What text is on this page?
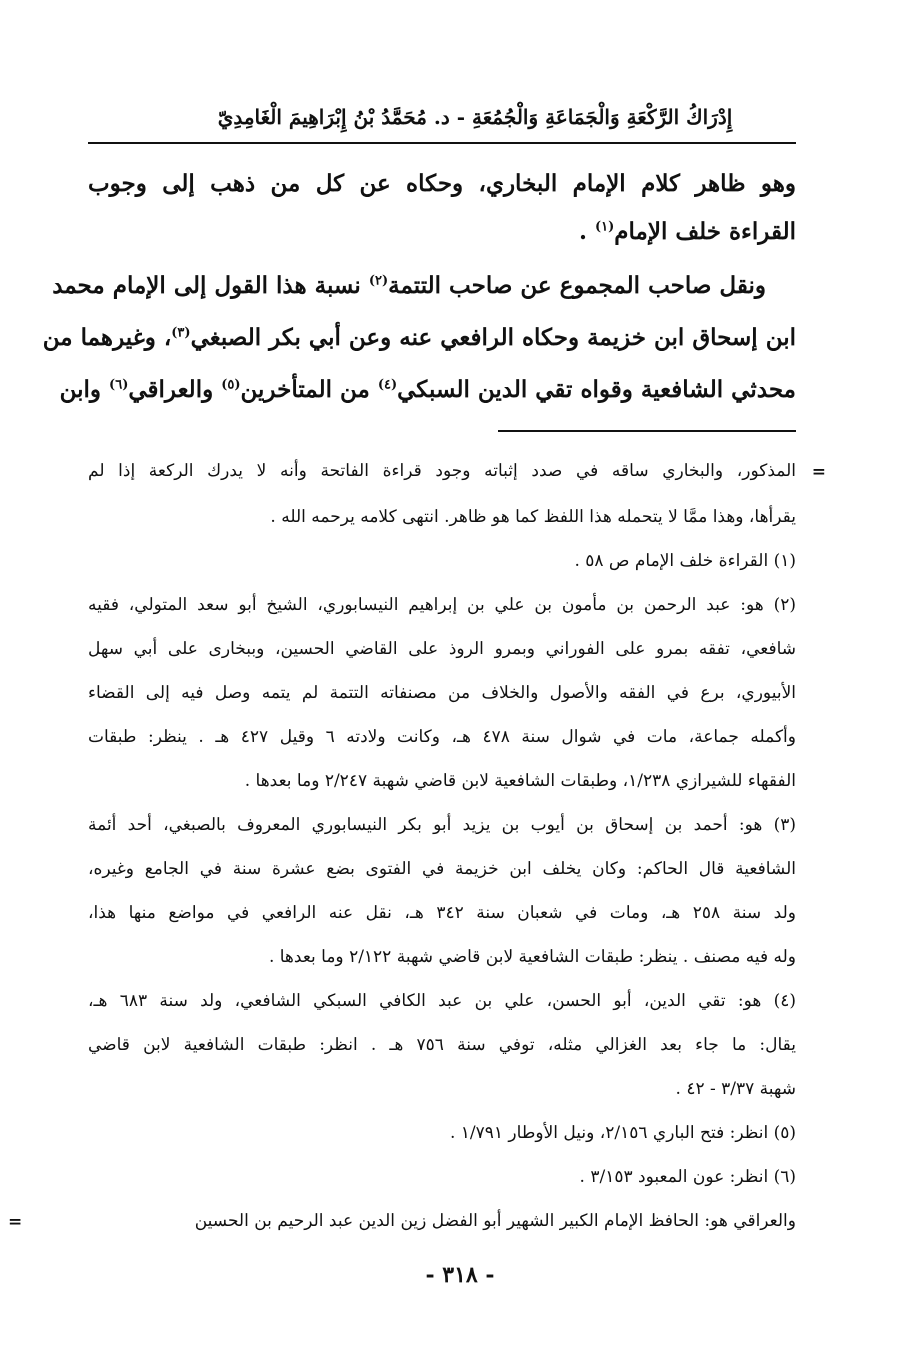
إِدْرَاكُ الرَّكْعَةِ وَالْجَمَاعَةِ وَالْجُمُعَةِ - د. مُحَمَّدُ بْنُ إِبْرَاهِيمَ الْغَامِدِيّ
وهو ظاهر كلام الإمام البخاري، وحكاه عن كل من ذهب إلى وجوب
القراءة خلف الإمام$^{(١)}$ .
ونقل صاحب المجموع عن صاحب التتمة$^{(٢)}$ نسبة هذا القول إلى الإمام محمد
ابن إسحاق ابن خزيمة وحكاه الرافعي عنه وعن أبي بكر الصبغي$^{(٣)}$، وغيرهما من
محدثي الشافعية وقواه تقي الدين السبكي$^{(٤)}$ من المتأخرين$^{(٥)}$ والعراقي$^{(٦)}$ وابن
=
المذكور، والبخاري ساقه في صدد إثباته وجود قراءة الفاتحة وأنه لا يدرك الركعة إذا لم
يقرأها، وهذا ممَّا لا يتحمله هذا اللفظ كما هو ظاهر. انتهى كلامه يرحمه الله .
(١) القراءة خلف الإمام ص ٥٨ .
(٢) هو: عبد الرحمن بن مأمون بن علي بن إبراهيم النيسابوري، الشيخ أبو سعد المتولي، فقيه
شافعي، تفقه بمرو على الفوراني وبمرو الروذ على القاضي الحسين، وببخارى على أبي سهل
الأبيوري، برع في الفقه والأصول والخلاف من مصنفاته التتمة لم يتمه وصل فيه إلى القضاء
وأكمله جماعة، مات في شوال سنة ٤٧٨ هـ، وكانت ولادته ٦ وقيل ٤٢٧ هـ . ينظر: طبقات
الفقهاء للشيرازي ١/٢٣٨، وطبقات الشافعية لابن قاضي شهبة ٢/٢٤٧ وما بعدها .
(٣) هو: أحمد بن إسحاق بن أيوب بن يزيد أبو بكر النيسابوري المعروف بالصبغي، أحد أئمة
الشافعية قال الحاكم: وكان يخلف ابن خزيمة في الفتوى بضع عشرة سنة في الجامع وغيره،
ولد سنة ٢٥٨ هـ، ومات في شعبان سنة ٣٤٢ هـ، نقل عنه الرافعي في مواضع منها هذا،
وله فيه مصنف . ينظر: طبقات الشافعية لابن قاضي شهبة ٢/١٢٢ وما بعدها .
(٤) هو: تقي الدين، أبو الحسن، علي بن عبد الكافي السبكي الشافعي، ولد سنة ٦٨٣ هـ،
يقال: ما جاء بعد الغزالي مثله، توفي سنة ٧٥٦ هـ . انظر: طبقات الشافعية لابن قاضي
شهبة ٣/٣٧ - ٤٢ .
(٥) انظر: فتح الباري ٢/١٥٦، ونيل الأوطار ١/٧٩١ .
(٦) انظر: عون المعبود ٣/١٥٣ .
والعراقي هو: الحافظ الإمام الكبير الشهير أبو الفضل زين الدين عبد الرحيم بن الحسين
=
- ٣١٨ -
